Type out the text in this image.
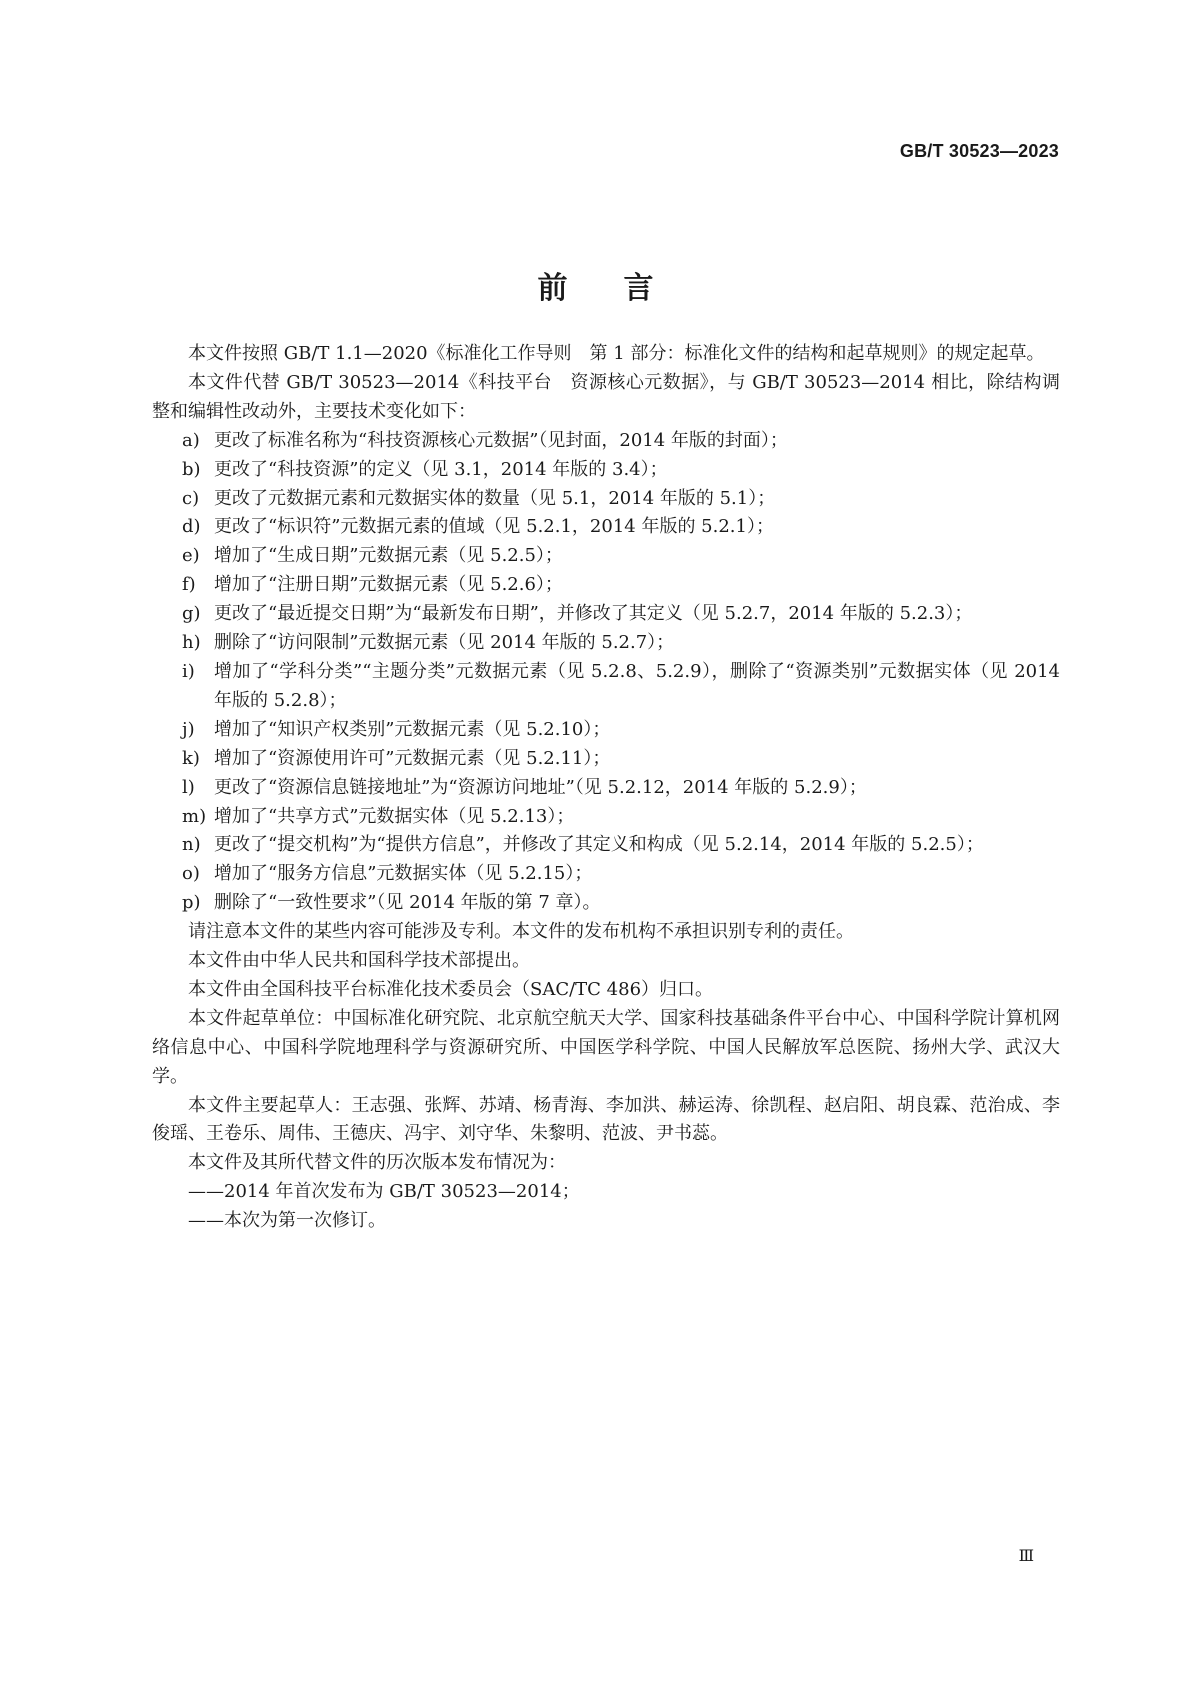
GB/T 30523—2023
前言

本文件按照 GB/T 1.1—2020《标准化工作导则　第 1 部分：标准化文件的结构和起草规则》的规定起草。

本文件代替 GB/T 30523—2014《科技平台　资源核心元数据》，与 GB/T 30523—2014 相比，除结构调整和编辑性改动外，主要技术变化如下：

a) 更改了标准名称为“科技资源核心元数据”（见封面，2014 年版的封面）；

b) 更改了“科技资源”的定义（见 3.1，2014 年版的 3.4）；

c) 更改了元数据元素和元数据实体的数量（见 5.1，2014 年版的 5.1）；

d) 更改了“标识符”元数据元素的值域（见 5.2.1，2014 年版的 5.2.1）；

e) 增加了“生成日期”元数据元素（见 5.2.5）；

f) 增加了“注册日期”元数据元素（见 5.2.6）；

g) 更改了“最近提交日期”为“最新发布日期”，并修改了其定义（见 5.2.7，2014 年版的 5.2.3）；

h) 删除了“访问限制”元数据元素（见 2014 年版的 5.2.7）；

i) 增加了“学科分类”“主题分类”元数据元素（见 5.2.8、5.2.9），删除了“资源类别”元数据实体（见 2014 年版的 5.2.8）；

j) 增加了“知识产权类别”元数据元素（见 5.2.10）；

k) 增加了“资源使用许可”元数据元素（见 5.2.11）；

l) 更改了“资源信息链接地址”为“资源访问地址”（见 5.2.12，2014 年版的 5.2.9）；

m) 增加了“共享方式”元数据实体（见 5.2.13）；

n) 更改了“提交机构”为“提供方信息”，并修改了其定义和构成（见 5.2.14，2014 年版的 5.2.5）；

o) 增加了“服务方信息”元数据实体（见 5.2.15）；

p) 删除了“一致性要求”（见 2014 年版的第 7 章）。

请注意本文件的某些内容可能涉及专利。本文件的发布机构不承担识别专利的责任。

本文件由中华人民共和国科学技术部提出。

本文件由全国科技平台标准化技术委员会（SAC/TC 486）归口。

本文件起草单位：中国标准化研究院、北京航空航天大学、国家科技基础条件平台中心、中国科学院计算机网络信息中心、中国科学院地理科学与资源研究所、中国医学科学院、中国人民解放军总医院、扬州大学、武汉大学。

本文件主要起草人：王志强、张辉、苏靖、杨青海、李加洪、赫运涛、徐凯程、赵启阳、胡良霖、范治成、李俊瑶、王卷乐、周伟、王德庆、冯宇、刘守华、朱黎明、范波、尹书蕊。

本文件及其所代替文件的历次版本发布情况为：

——2014 年首次发布为 GB/T 30523—2014；

——本次为第一次修订。

Ⅲ
